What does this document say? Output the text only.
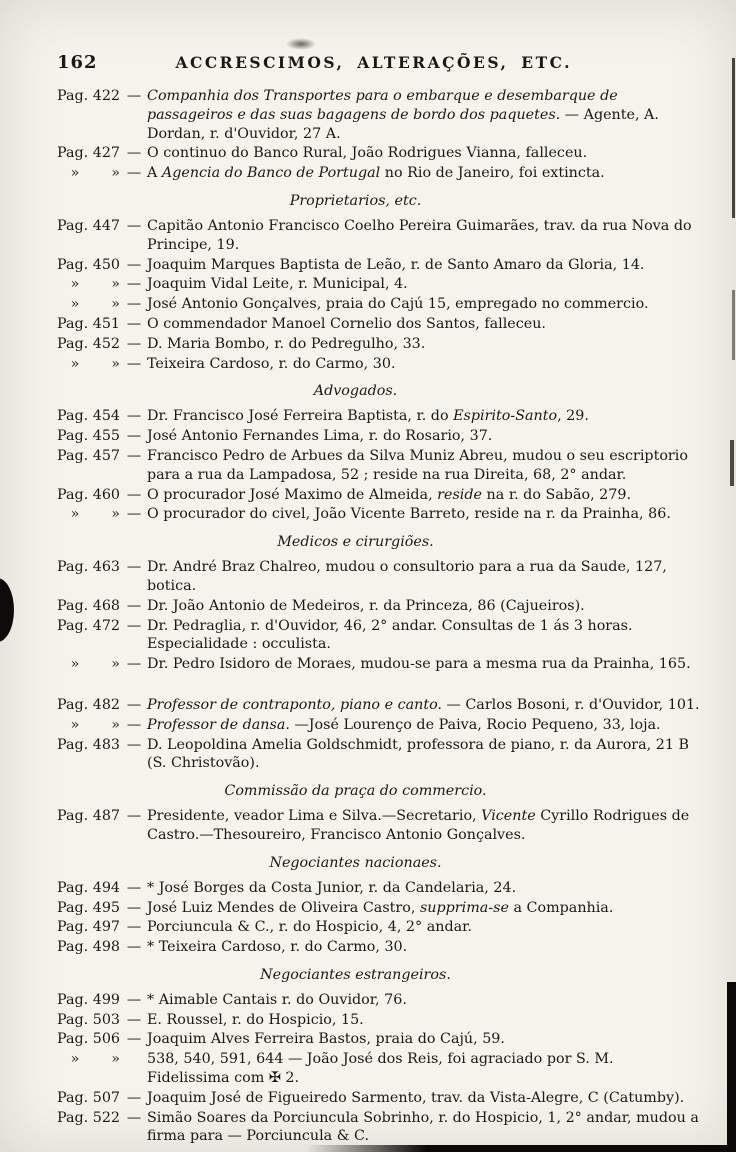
162	ACCRESCIMOS, ALTERAÇÕES, ETC.
Pag. 422 — Companhia dos Transportes para o embarque e desembarque de passageiros e das suas bagagens de bordo dos paquetes. — Agente, A. Dordan, r. d'Ouvidor, 27 A.
Pag. 427 — O continuo do Banco Rural, João Rodrigues Vianna, falleceu.
»       » — A Agencia do Banco de Portugal no Rio de Janeiro, foi extincta.
Proprietarios, etc.
Pag. 447 — Capitão Antonio Francisco Coelho Pereira Guimarães, trav. da rua Nova do Principe, 19.
Pag. 450 — Joaquim Marques Baptista de Leão, r. de Santo Amaro da Gloria, 14.
»       » — Joaquim Vidal Leite, r. Municipal, 4.
»       » — José Antonio Gonçalves, praia do Cajú 15, empregado no commercio.
Pag. 451 — O commendador Manoel Cornelio dos Santos, falleceu.
Pag. 452 — D. Maria Bombo, r. do Pedregulho, 33.
»       » — Teixeira Cardoso, r. do Carmo, 30.
Advogados.
Pag. 454 — Dr. Francisco José Ferreira Baptista, r. do Espirito-Santo, 29.
Pag. 455 — José Antonio Fernandes Lima, r. do Rosario, 37.
Pag. 457 — Francisco Pedro de Arbues da Silva Muniz Abreu, mudou o seu escriptorio para a rua da Lampadosa, 52 ; reside na rua Direita, 68, 2° andar.
Pag. 460 — O procurador José Maximo de Almeida, reside na r. do Sabão, 279.
»       » — O procurador do civel, João Vicente Barreto, reside na r. da Prainha, 86.
Medicos e cirurgiões.
Pag. 463 — Dr. André Braz Chalreo, mudou o consultorio para a rua da Saude, 127, botica.
Pag. 468 — Dr. João Antonio de Medeiros, r. da Princeza, 86 (Cajueiros).
Pag. 472 — Dr. Pedraglia, r. d'Ouvidor, 46, 2° andar. Consultas de 1 ás 3 horas. Especialidade : occulista.
»       » — Dr. Pedro Isidoro de Moraes, mudou-se para a mesma rua da Prainha, 165.
Pag. 482 — Professor de contraponto, piano e canto. — Carlos Bosoni, r. d'Ouvidor, 101.
»       » — Professor de dansa. —José Lourenço de Paiva, Rocio Pequeno, 33, loja.
Pag. 483 — D. Leopoldina Amelia Goldschmidt, professora de piano, r. da Aurora, 21 B (S. Christovão).
Commissão da praça do commercio.
Pag. 487 — Presidente, veador Lima e Silva.—Secretario, Vicente Cyrillo Rodrigues de Castro.—Thesoureiro, Francisco Antonio Gonçalves.
Negociantes nacionaes.
Pag. 494 — * José Borges da Costa Junior, r. da Candelaria, 24.
Pag. 495 — José Luiz Mendes de Oliveira Castro, supprima-se a Companhia.
Pag. 497 — Porciuncula & C., r. do Hospicio, 4, 2° andar.
Pag. 498 — * Teixeira Cardoso, r. do Carmo, 30.
Negociantes estrangeiros.
Pag. 499 — * Aimable Cantais r. do Ouvidor, 76.
Pag. 503 — E. Roussel, r. do Hospicio, 15.
Pag. 506 — Joaquim Alves Ferreira Bastos, praia do Cajú, 59.
»       » 538, 540, 591, 644 — João José dos Reis, foi agraciado por S. M. Fidelissima com ✠ 2.
Pag. 507 — Joaquim José de Figueiredo Sarmento, trav. da Vista-Alegre, C (Catumby).
Pag. 522 — Simão Soares da Porciuncula Sobrinho, r. do Hospicio, 1, 2° andar, mudou a firma para — Porciuncula & C.
